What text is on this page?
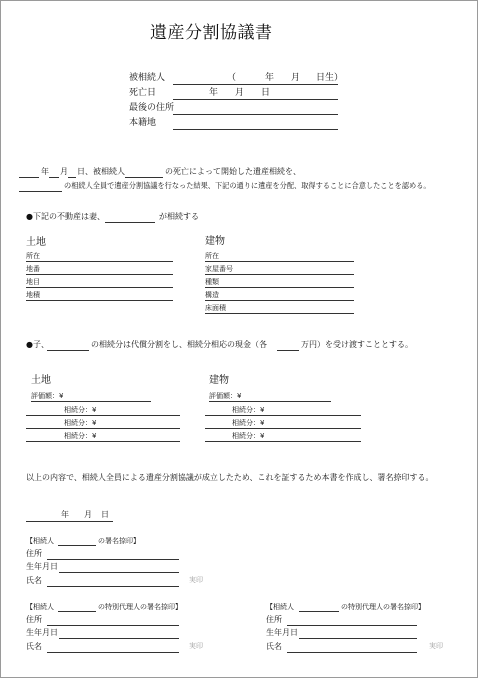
遺産分割協議書
被相続人	（	年 月 日生）
死亡日	年 月 日
最後の住所
本籍地
年 月 日、被相続人	の死亡によって開始した遺産相続を、
の相続人全員で遺産分割協議を行なった結果、下記の通りに遺産を分配、取得することに合意したことを認める。
●下記の不動産は妻、	が相続する
土地
所在
地番
地目
地積
建物
所在
家屋番号
種類
構造
床面積
●子、	の相続分は代償分割をし、相続分相応の現金（各	万円）を受け渡すこととする。
土地
評価額：¥
相続分：¥
相続分：¥
相続分：¥
建物
評価額：¥
相続分：¥
相続分：¥
相続分：¥
以上の内容で、相続人全員による遺産分割協議が成立したため、これを証するため本書を作成し、署名捺印する。
年 月 日
【相続人	の署名捺印】
住所
生年月日
氏名	実印
【相続人	の特別代理人の署名捺印】
住所
生年月日
氏名	実印
【相続人	の特別代理人の署名捺印】
住所
生年月日
氏名	実印
